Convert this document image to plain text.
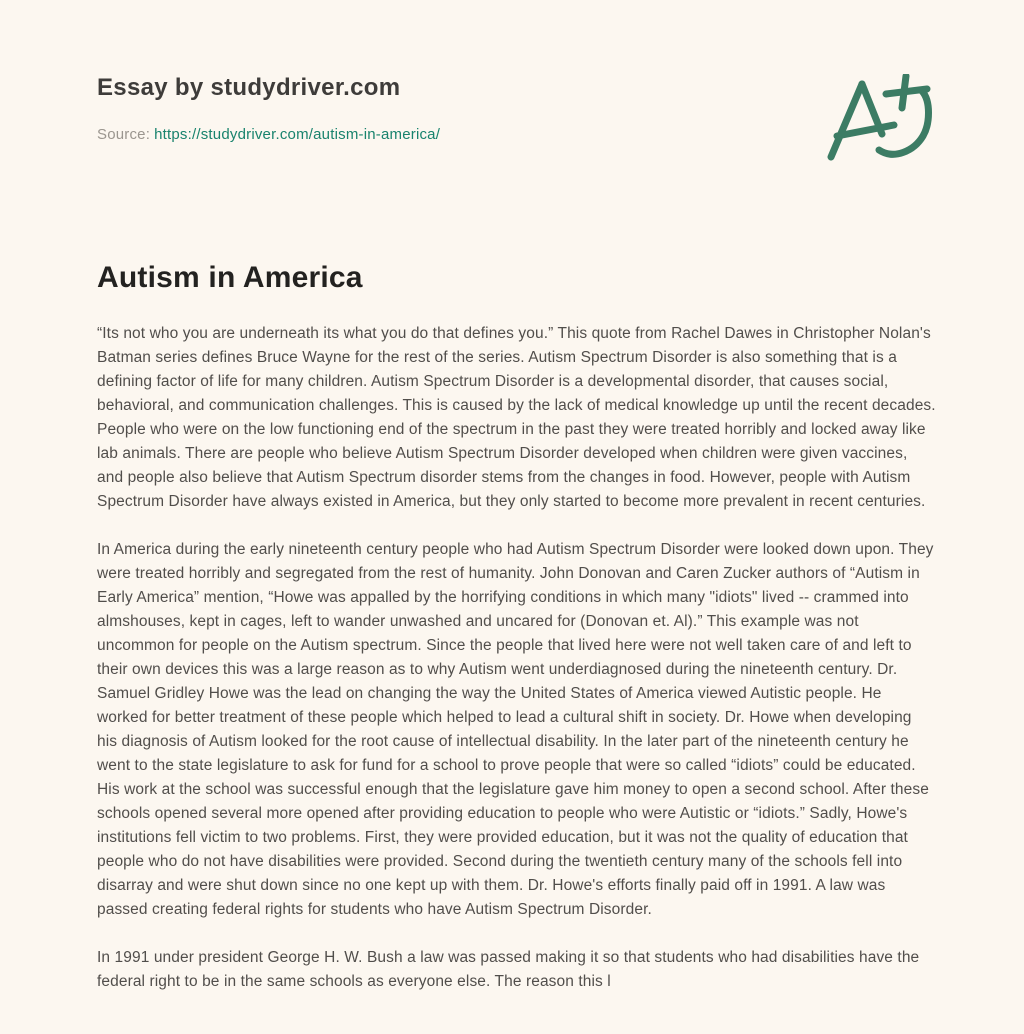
Essay by studydriver.com
Source: https://studydriver.com/autism-in-america/
Autism in America

“Its not who you are underneath its what you do that defines you.” This quote from Rachel Dawes in Christopher Nolan's Batman series defines Bruce Wayne for the rest of the series. Autism Spectrum Disorder is also something that is a defining factor of life for many children. Autism Spectrum Disorder is a developmental disorder, that causes social, behavioral, and communication challenges. This is caused by the lack of medical knowledge up until the recent decades. People who were on the low functioning end of the spectrum in the past they were treated horribly and locked away like lab animals. There are people who believe Autism Spectrum Disorder developed when children were given vaccines, and people also believe that Autism Spectrum disorder stems from the changes in food. However, people with Autism Spectrum Disorder have always existed in America, but they only started to become more prevalent in recent centuries.

In America during the early nineteenth century people who had Autism Spectrum Disorder were looked down upon. They were treated horribly and segregated from the rest of humanity. John Donovan and Caren Zucker authors of “Autism in Early America” mention, “Howe was appalled by the horrifying conditions in which many "idiots" lived -- crammed into almshouses, kept in cages, left to wander unwashed and uncared for (Donovan et. Al).” This example was not uncommon for people on the Autism spectrum. Since the people that lived here were not well taken care of and left to their own devices this was a large reason as to why Autism went underdiagnosed during the nineteenth century. Dr. Samuel Gridley Howe was the lead on changing the way the United States of America viewed Autistic people. He worked for better treatment of these people which helped to lead a cultural shift in society. Dr. Howe when developing his diagnosis of Autism looked for the root cause of intellectual disability. In the later part of the nineteenth century he went to the state legislature to ask for fund for a school to prove people that were so called “idiots” could be educated. His work at the school was successful enough that the legislature gave him money to open a second school. After these schools opened several more opened after providing education to people who were Autistic or “idiots.” Sadly, Howe's institutions fell victim to two problems. First, they were provided education, but it was not the quality of education that people who do not have disabilities were provided. Second during the twentieth century many of the schools fell into disarray and were shut down since no one kept up with them. Dr. Howe's efforts finally paid off in 1991. A law was passed creating federal rights for students who have Autism Spectrum Disorder.

In 1991 under president George H. W. Bush a law was passed making it so that students who had disabilities have the federal right to be in the same schools as everyone else. The reason this l
